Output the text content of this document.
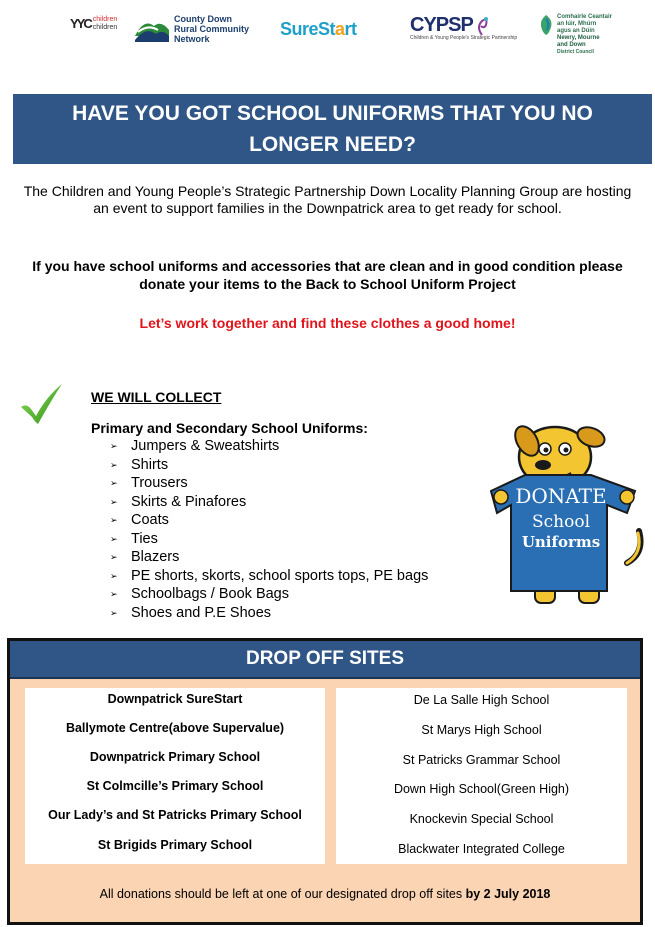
YYC children
children
County Down
Rural Community
Network	SureStart	CYPSP
Children & Young People's Strategic Partnership
Comhairle Ceantair
an Iúir, Mhúrn
agus an Dúin
Newry, Mourne
and Down
District Council
HAVE YOU GOT SCHOOL UNIFORMS THAT YOU NO LONGER NEED?
The Children and Young People’s Strategic Partnership Down Locality Planning Group are hosting an event to support families in the Downpatrick area to get ready for school.
If you have school uniforms and accessories that are clean and in good condition please donate your items to the Back to School Uniform Project
Let’s work together and find these clothes a good home!
WE WILL COLLECT
Primary and Secondary School Uniforms:
➢ Jumpers & Sweatshirts
➢ Shirts
➢ Trousers
➢ Skirts & Pinafores
➢ Coats
➢ Ties
➢ Blazers
➢ PE shorts, skorts, school sports tops, PE bags
➢ Schoolbags / Book Bags
➢ Shoes and P.E Shoes
DONATE
School
Uniforms
DROP OFF SITES
Downpatrick SureStart
Ballymote Centre(above Supervalue)
Downpatrick Primary School
St Colmcille’s Primary School
Our Lady’s and St Patricks Primary School
St Brigids Primary School
De La Salle High School
St Marys High School
St Patricks Grammar School
Down High School(Green High)
Knockevin Special School
Blackwater Integrated College
All donations should be left at one of our designated drop off sites by 2 July 2018
